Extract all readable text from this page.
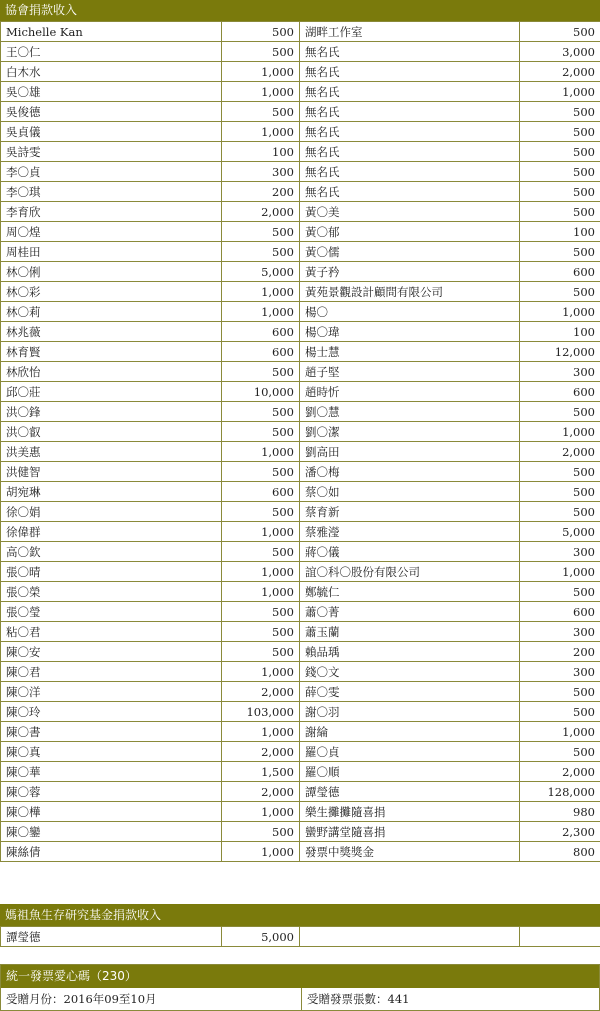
協會捐款收入
Michelle Kan	500	湖畔工作室	500
王〇仁	500	無名氏	3,000
白木水	1,000	無名氏	2,000
吳〇雄	1,000	無名氏	1,000
吳俊德	500	無名氏	500
吳貞儀	1,000	無名氏	500
吳詩雯	100	無名氏	500
李〇貞	300	無名氏	500
李〇琪	200	無名氏	500
李育欣	2,000	黃〇美	500
周〇煌	500	黃〇郁	100
周桂田	500	黃〇儒	500
林〇俐	5,000	黃子矜	600
林〇彩	1,000	黃苑景觀設計顧問有限公司	500
林〇莉	1,000	楊〇	1,000
林兆薇	600	楊〇瑋	100
林育賢	600	楊士慧	12,000
林欣怡	500	趙子堅	300
邱〇莊	10,000	趙時忻	600
洪〇鋒	500	劉〇慧	500
洪〇叡	500	劉〇潔	1,000
洪美惠	1,000	劉高田	2,000
洪健智	500	潘〇梅	500
胡宛琳	600	蔡〇如	500
徐〇娟	500	蔡育新	500
徐偉群	1,000	蔡雅瀅	5,000
高〇欽	500	蔣〇儀	300
張〇晴	1,000	誼〇科〇股份有限公司	1,000
張〇榮	1,000	鄭毓仁	500
張〇瑩	500	蕭〇菁	600
粘〇君	500	蕭玉蘭	300
陳〇安	500	賴品瑀	200
陳〇君	1,000	錢〇文	300
陳〇洋	2,000	薛〇雯	500
陳〇玲	103,000	謝〇羽	500
陳〇書	1,000	謝綸	1,000
陳〇真	2,000	羅〇貞	500
陳〇華	1,500	羅〇順	2,000
陳〇蓉	2,000	譚瑩德	128,000
陳〇樺	1,000	樂生攤攤隨喜捐	980
陳〇鑾	500	蠻野講堂隨喜捐	2,300
陳絲倩	1,000	發票中獎獎金	800
媽祖魚生存研究基金捐款收入
譚瑩德	5,000		
統一發票愛心碼（230）
受贈月份：2016年09至10月	受贈發票張數：441
